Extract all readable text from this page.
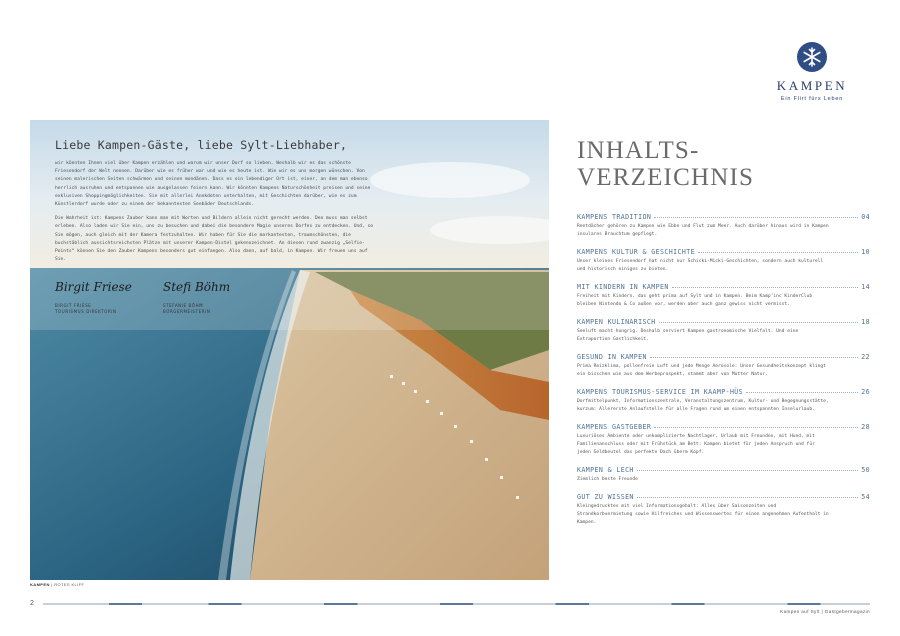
KAMPEN
Ein Flirt fürs Leben
Liebe Kampen-Gäste, liebe Sylt-Liebhaber,

wir könnten Ihnen viel über Kampen erzählen und warum wir unser Dorf so lieben. Weshalb wir es das schönste Friesendorf der Welt nennen. Darüber wie es früher war und wie es heute ist. Wie wir es uns morgen wünschen. Von seinen malerischen Seiten schwärmen und seinen mondänen. Dass es ein lebendiger Ort ist, einer, an dem man ebenso herrlich ausruhen und entspannen wie ausgelassen feiern kann. Wir könnten Kampens Naturschönheit preisen und seine exklusiven Shoppingmöglichkeiten. Sie mit allerlei Anekdoten unterhalten, mit Geschichten darüber, wie es zum Künstlerdorf wurde oder zu einem der bekanntesten Seebäder Deutschlands.

Die Wahrheit ist: Kampens Zauber kann man mit Worten und Bildern allein nicht gerecht werden. Den muss man selbst erleben. Also laden wir Sie ein, uns zu besuchen und dabei die besondere Magie unseres Dorfes zu entdecken. Und, so Sie mögen, auch gleich mit der Kamera festzuhalten. Wir haben für Sie die markantesten, traumschönsten, die buchstäblich aussichtsreichsten Plätze mit unserer Kampen-Distel gekennzeichnet. An diesen rund zwanzig „Selfie-Points“ können Sie den Zauber Kampens besonders gut einfangen. Also dann, auf bald, in Kampen. Wir freuen uns auf Sie.

Birgit Friese
BIRGIT FRIESE
TOURISMUS DIREKTORIN
Stefi Böhm
STEFANIE BÖHM
BÜRGERMEISTERIN
KAMPEN | ROTES KLIFF
INHALTS-
VERZEICHNIS
KAMPENS TRADITION	04
Reetdächer gehören zu Kampen wie Ebbe und Flut zum Meer. Auch darüber hinaus wird in Kampen insulares Brauchtum gepflegt.
KAMPENS KULTUR & GESCHICHTE	10
Unser kleines Friesendorf hat nicht nur Schicki-Micki-Geschichten, sondern auch kulturell und historisch einiges zu bieten.
MIT KINDERN IN KAMPEN	14
Freiheit mit Kindern, das geht prima auf Sylt und in Kampen. Beim Kamp’inc KinderClub bleiben Nintendo & Co außen vor, werden aber auch ganz gewiss nicht vermisst.
KAMPEN KULINARISCH	18
Seeluft macht hungrig. Deshalb serviert Kampen gastronomische Vielfalt. Und eine Extraportion Gastlichkeit.
GESUND IN KAMPEN	22
Prima Reizklima, pollenfreie Luft und jede Menge Aerosole: Unser Gesundheitskonzept klingt ein bisschen wie aus dem Werbeprospekt, stammt aber von Mutter Natur.
KAMPENS TOURISMUS-SERVICE IM KAAMP-HÜS	26
Dorfmittelpunkt, Informationszentrale, Veranstaltungszentrum, Kultur- und Begegnungsstätte, kurzum: Allererste Anlaufstelle für alle Fragen rund um einen entspannten Inselurlaub.
KAMPENS GASTGEBER	28
Luxuriöses Ambiente oder unkomplizierte Nachtlager, Urlaub mit Freunden, mit Hund, mit Familienanschluss oder mit Frühstück am Bett: Kampen bietet für jeden Anspruch und für jeden Geldbeutel das perfekte Dach überm Kopf.
KAMPEN & LECH	50
Ziemlich beste Freunde
GUT ZU WISSEN	54
Kleingedrucktes mit viel Informationsgehalt: Alles über Saisonzeiten und Strandkorbvermietung sowie Hilfreiches und Wissenswertes für einen angenehmen Aufenthalt in Kampen.
2
Kampen auf Sylt | Gastgebermagazin
